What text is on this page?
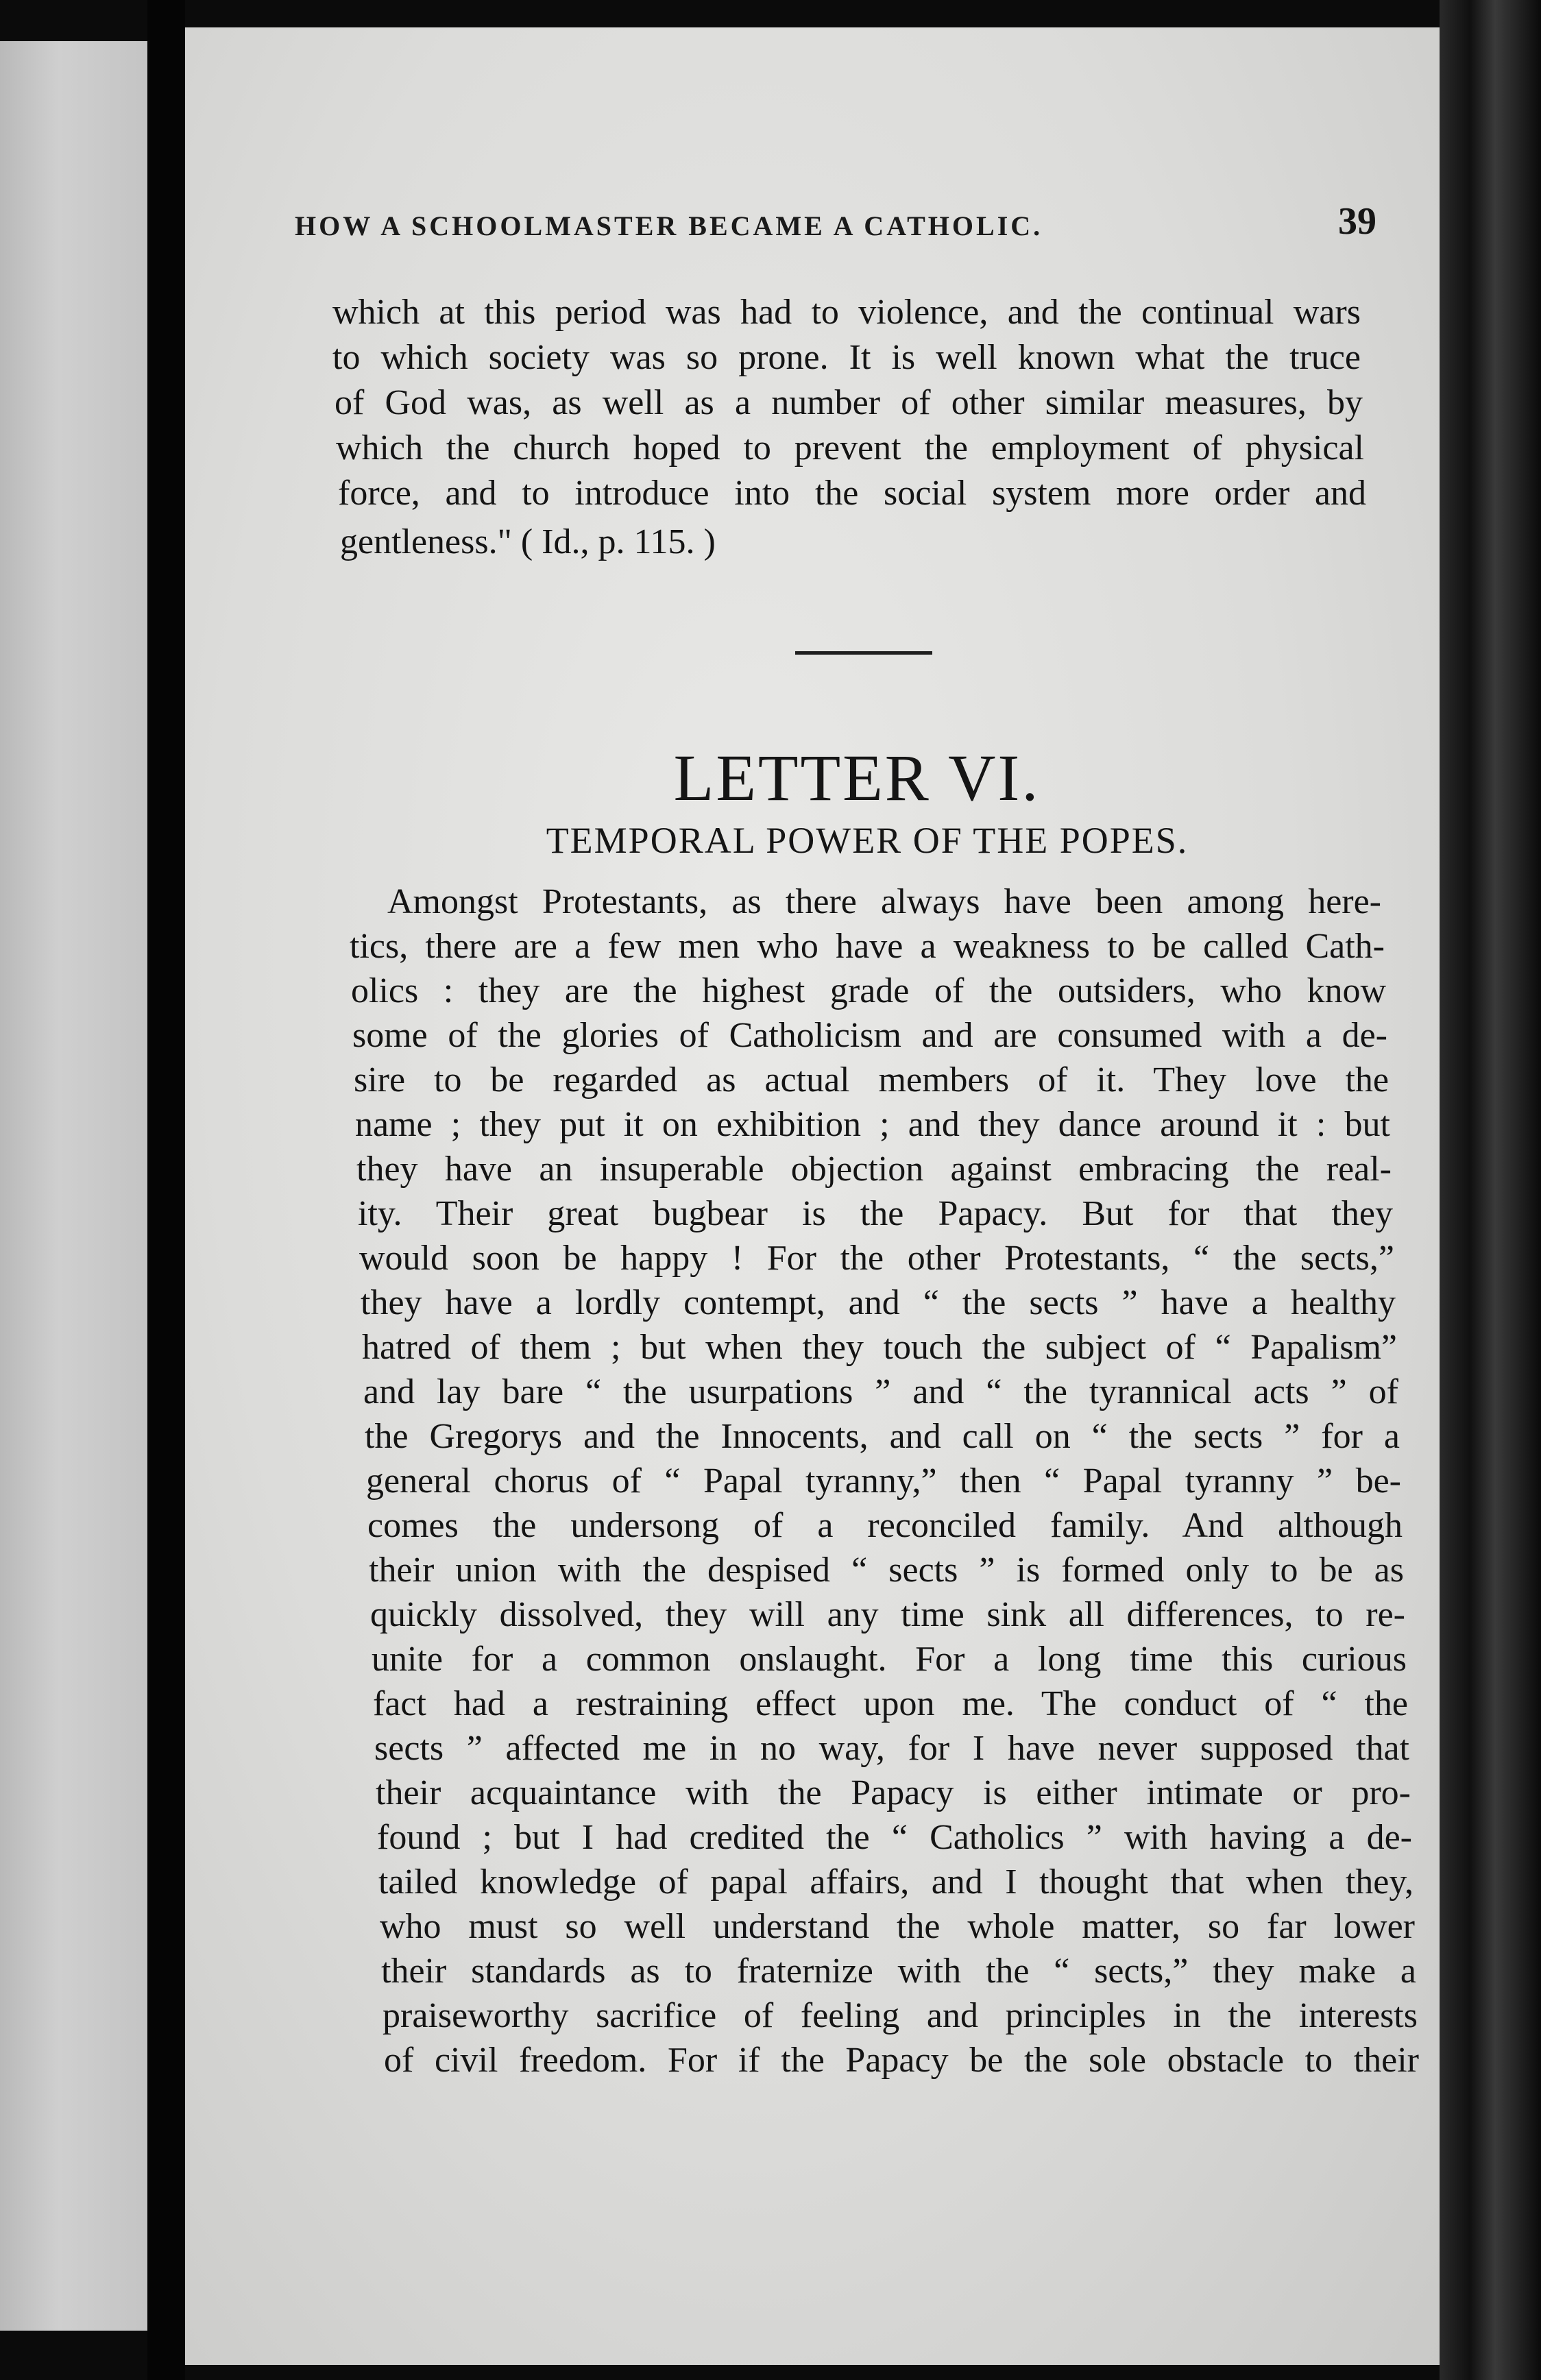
HOW A SCHOOLMASTER BECAME A CATHOLIC.	39
which at this period was had to violence, and the continual wars
to which society was so prone. It is well known what the truce
of God was, as well as a number of other similar measures, by
which the church hoped to prevent the employment of physical
force, and to introduce into the social system more order and
gentleness." ( Id., p. 115. )
LETTER VI.
TEMPORAL POWER OF THE POPES.
Amongst Protestants, as there always have been among here-
tics, there are a few men who have a weakness to be called Cath-
olics : they are the highest grade of the outsiders, who know
some of the glories of Catholicism and are consumed with a de-
sire to be regarded as actual members of it. They love the
name ; they put it on exhibition ; and they dance around it : but
they have an insuperable objection against embracing the real-
ity. Their great bugbear is the Papacy. But for that they
would soon be happy ! For the other Protestants, “ the sects,”
they have a lordly contempt, and “ the sects ” have a healthy
hatred of them ; but when they touch the subject of “ Papalism”
and lay bare “ the usurpations ” and “ the tyrannical acts ” of
the Gregorys and the Innocents, and call on “ the sects ” for a
general chorus of “ Papal tyranny,” then “ Papal tyranny ” be-
comes the undersong of a reconciled family. And although
their union with the despised “ sects ” is formed only to be as
quickly dissolved, they will any time sink all differences, to re-
unite for a common onslaught. For a long time this curious
fact had a restraining effect upon me. The conduct of “ the
sects ” affected me in no way, for I have never supposed that
their acquaintance with the Papacy is either intimate or pro-
found ; but I had credited the “ Catholics ” with having a de-
tailed knowledge of papal affairs, and I thought that when they,
who must so well understand the whole matter, so far lower
their standards as to fraternize with the “ sects,” they make a
praiseworthy sacrifice of feeling and principles in the interests
of civil freedom. For if the Papacy be the sole obstacle to their
